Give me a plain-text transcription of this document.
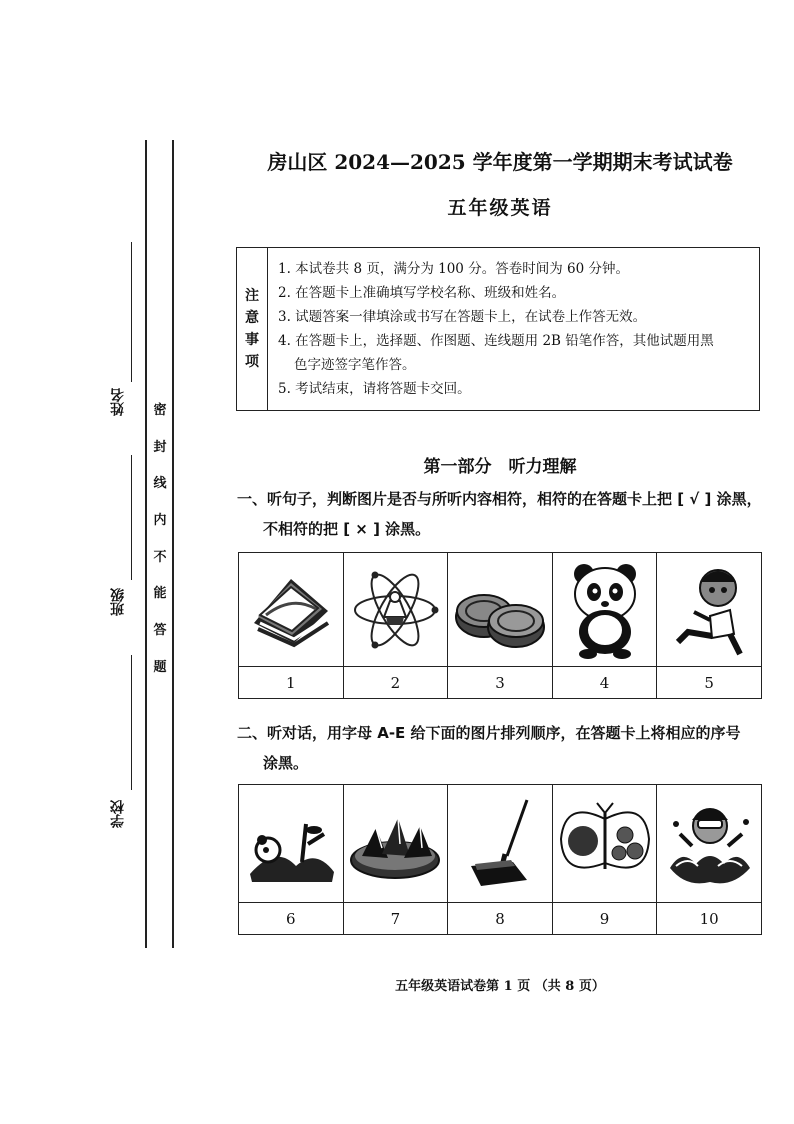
姓名
班级
学校
密
封
线
内
不
能
答
题
房山区 2024—2025 学年度第一学期期末考试试卷
五年级英语
注
意
事
项
1. 本试卷共 8 页，满分为 100 分。答卷时间为 60 分钟。
2. 在答题卡上准确填写学校名称、班级和姓名。
3. 试题答案一律填涂或书写在答题卡上，在试卷上作答无效。
4. 在答题卡上，选择题、作图题、连线题用 2B 铅笔作答，其他试题用黑
色字迹签字笔作答。
5. 考试结束，请将答题卡交回。
第一部分　听力理解
一、听句子，判断图片是否与所听内容相符，相符的在答题卡上把 [ √ ] 涂黑，
不相符的把 [ × ] 涂黑。

1	2	3	4	5
二、听对话，用字母 A-E 给下面的图片排列顺序，在答题卡上将相应的序号
涂黑。

6	7	8	9	10
五年级英语试卷第 1 页 （共 8 页）
